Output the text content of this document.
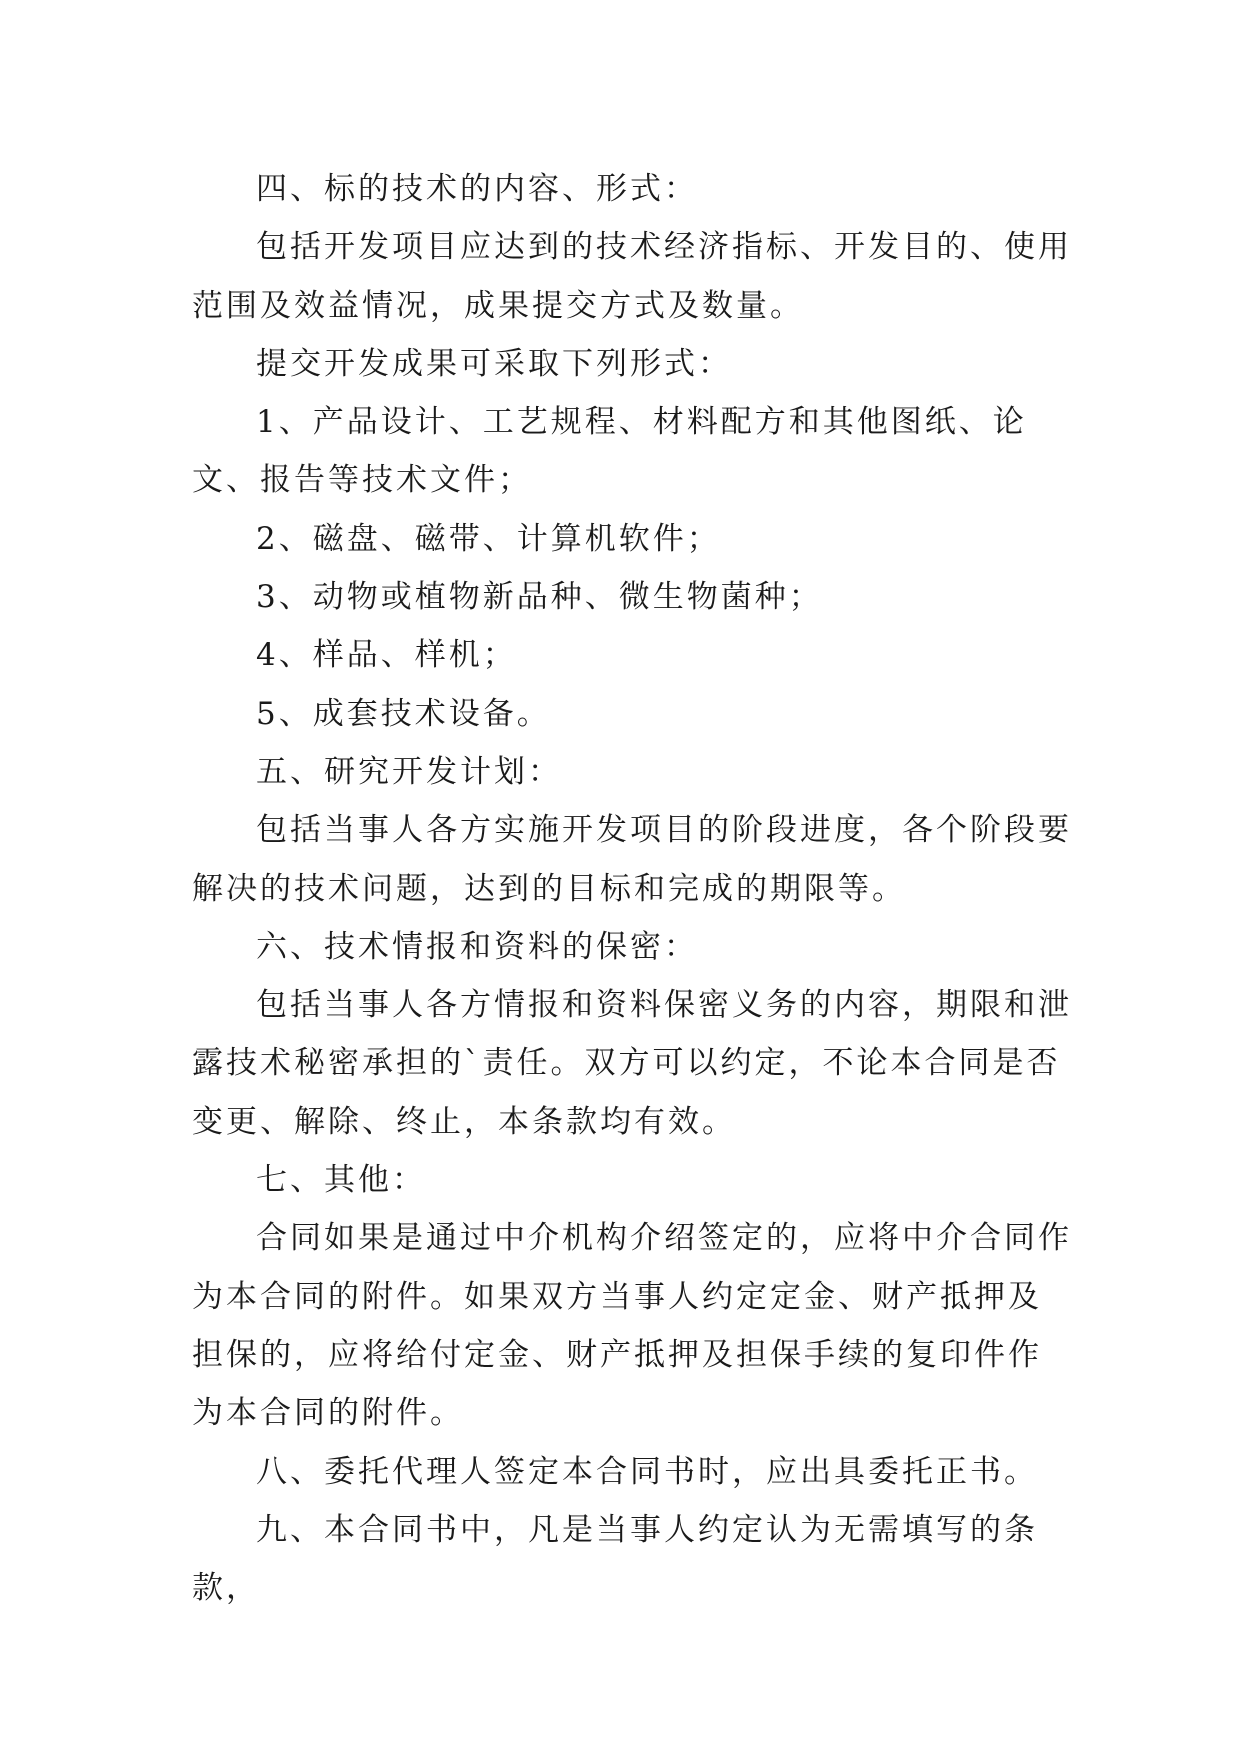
四、标的技术的内容、形式：

包括开发项目应达到的技术经济指标、开发目的、使用范围及效益情况，成果提交方式及数量。

提交开发成果可采取下列形式：

1、产品设计、工艺规程、材料配方和其他图纸、论文、报告等技术文件；

2、磁盘、磁带、计算机软件；

3、动物或植物新品种、微生物菌种；

4、样品、样机；

5、成套技术设备。

五、研究开发计划：

包括当事人各方实施开发项目的阶段进度，各个阶段要解决的技术问题，达到的目标和完成的期限等。

六、技术情报和资料的保密：

包括当事人各方情报和资料保密义务的内容，期限和泄露技术秘密承担的`责任。双方可以约定，不论本合同是否变更、解除、终止，本条款均有效。

七、其他：

合同如果是通过中介机构介绍签定的，应将中介合同作为本合同的附件。如果双方当事人约定定金、财产抵押及担保的，应将给付定金、财产抵押及担保手续的复印件作为本合同的附件。

八、委托代理人签定本合同书时，应出具委托正书。

九、本合同书中，凡是当事人约定认为无需填写的条款，
